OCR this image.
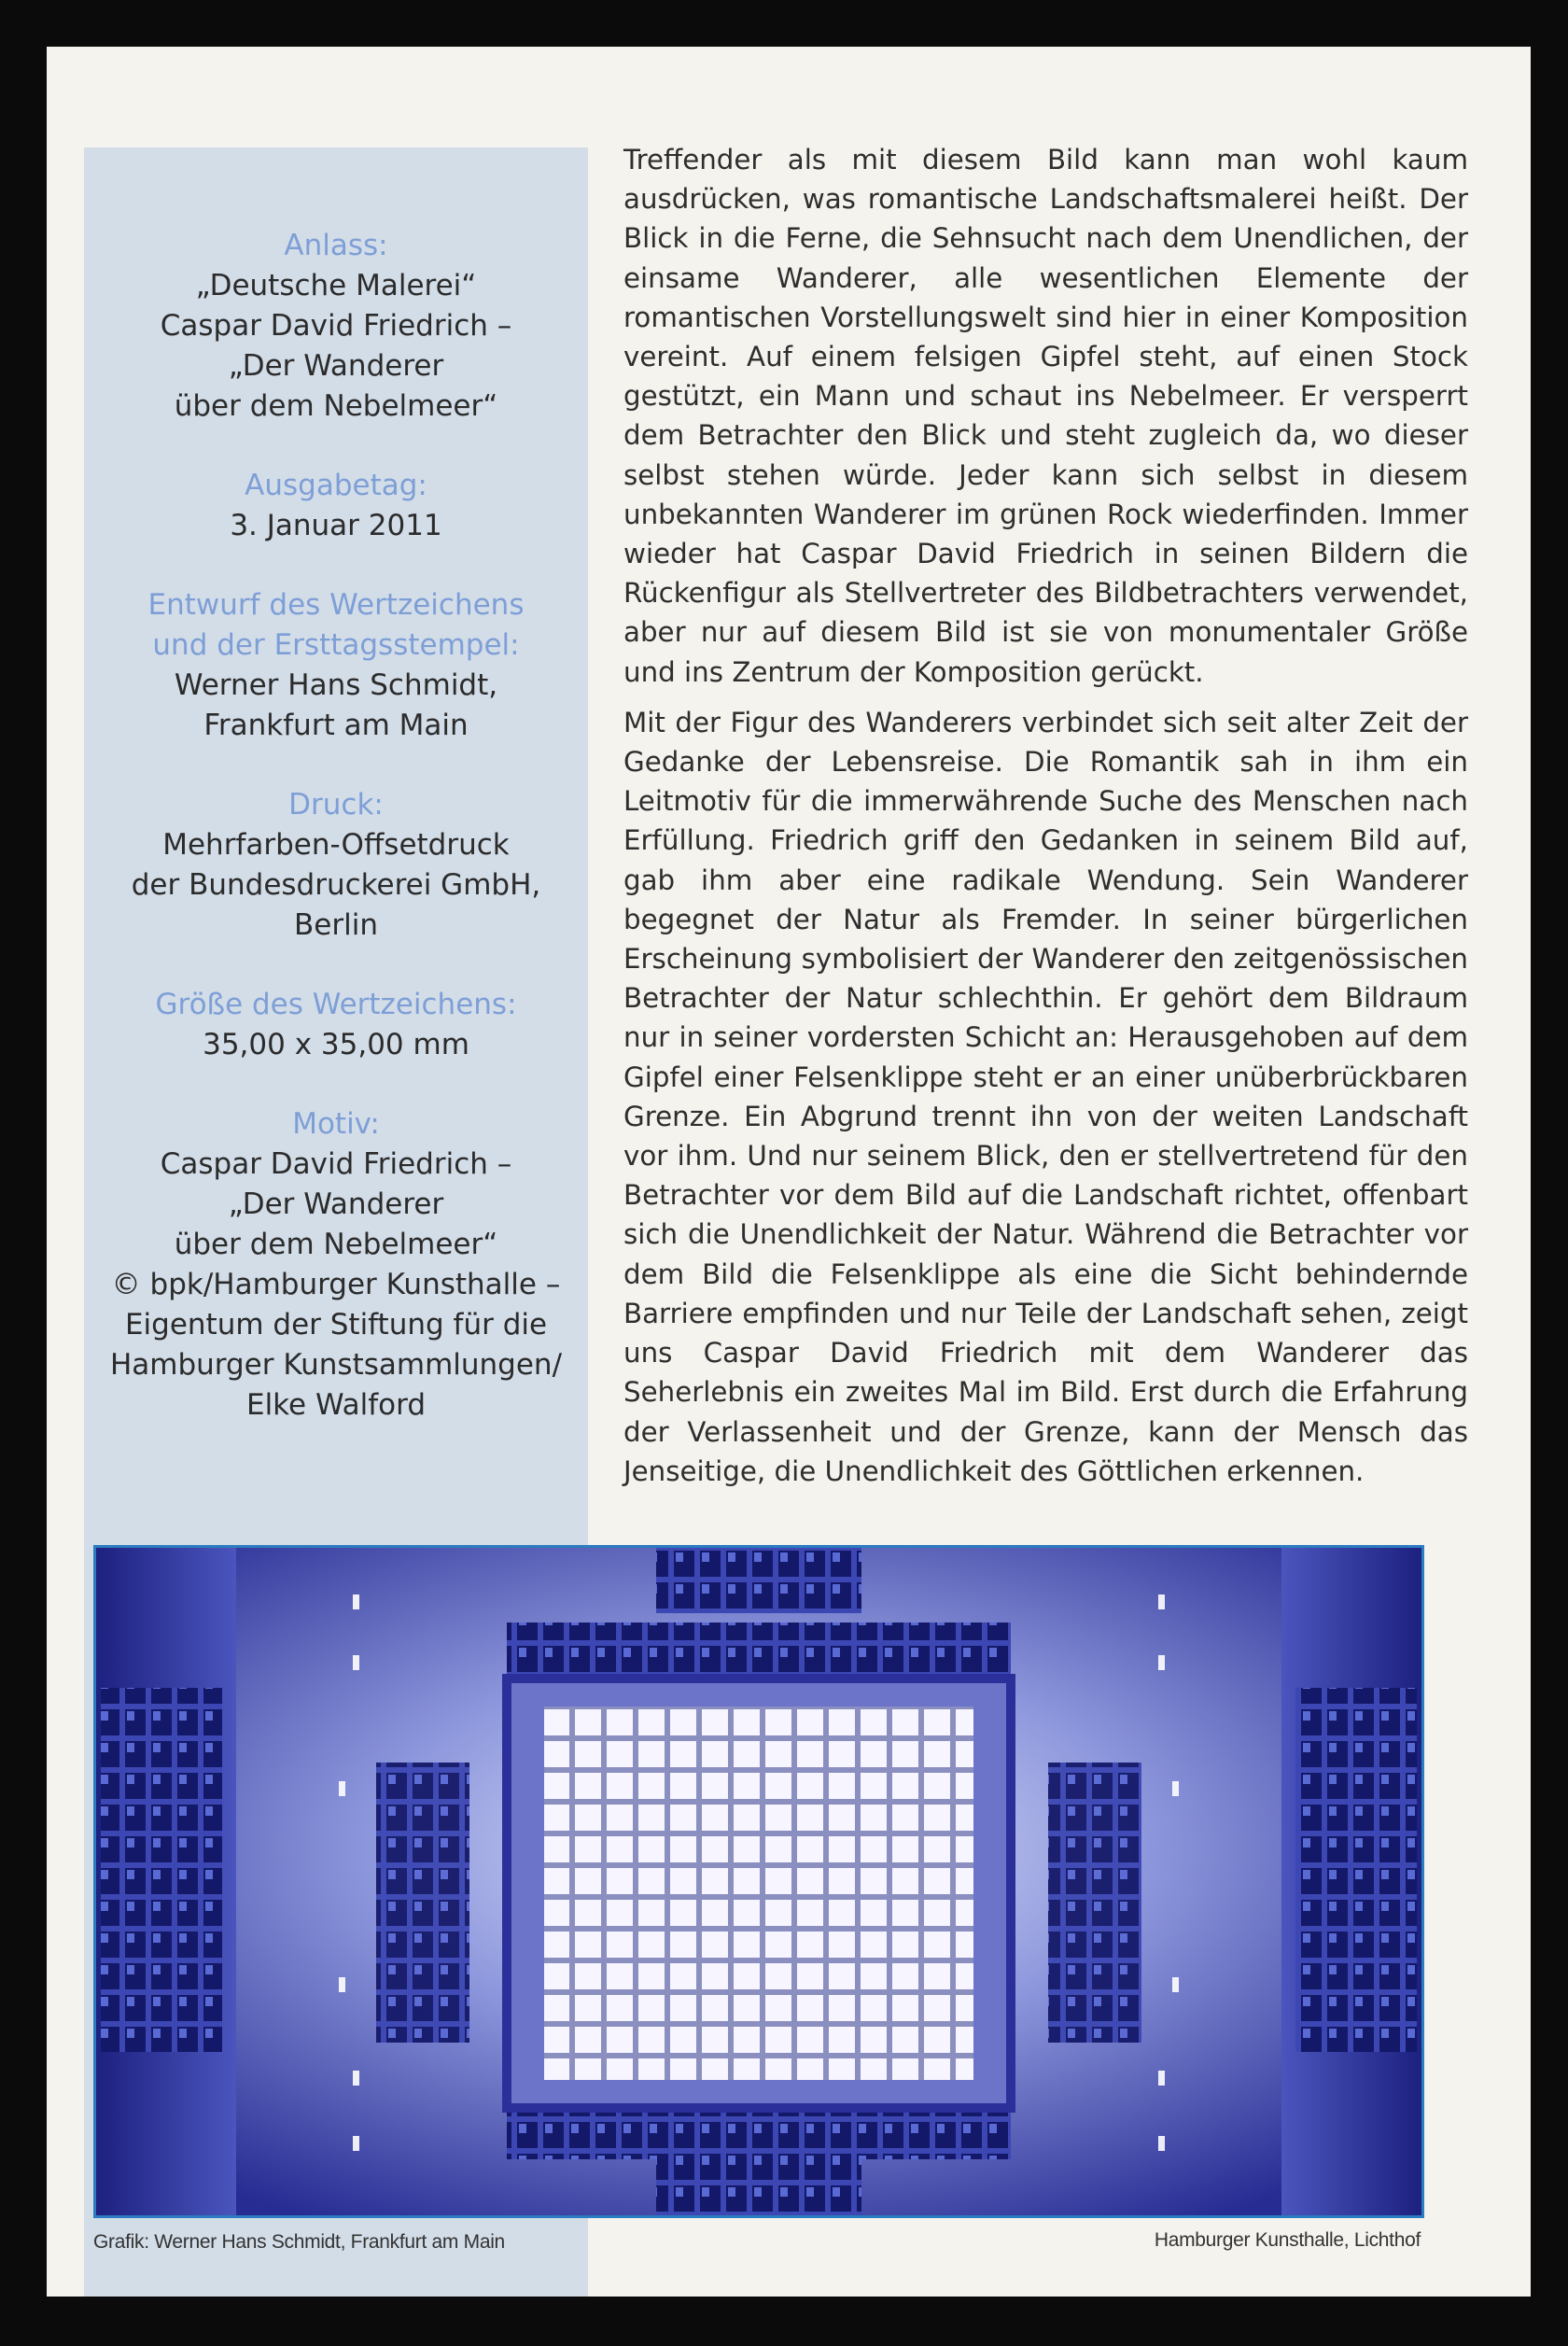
Anlass:
„Deutsche Malerei“
Caspar David Friedrich –
„Der Wanderer
über dem Nebelmeer“
Ausgabetag:
3. Januar 2011
Entwurf des Wertzeichens
und der Ersttagsstempel:
Werner Hans Schmidt,
Frankfurt am Main
Druck:
Mehrfarben-Offsetdruck
der Bundesdruckerei GmbH,
Berlin
Größe des Wertzeichens:
35,00 x 35,00 mm
Motiv:
Caspar David Friedrich –
„Der Wanderer
über dem Nebelmeer“
© bpk/Hamburger Kunsthalle –
Eigentum der Stiftung für die
Hamburger Kunstsammlungen/
Elke Walford

Treffender als mit diesem Bild kann man wohl kaum ausdrücken, was romantische Landschaftsmalerei heißt. Der Blick in die Ferne, die Sehnsucht nach dem Unendlichen, der einsame Wanderer, alle wesentlichen Elemente der romantischen Vorstellungswelt sind hier in einer Komposition vereint. Auf einem felsigen Gipfel steht, auf einen Stock gestützt, ein Mann und schaut ins Nebelmeer. Er versperrt dem Betrachter den Blick und steht zugleich da, wo dieser selbst stehen würde. Jeder kann sich selbst in diesem unbekannten Wanderer im grünen Rock wiederfinden. Immer wieder hat Caspar David Friedrich in seinen Bildern die Rückenfigur als Stellvertreter des Bildbetrachters verwendet, aber nur auf diesem Bild ist sie von monumentaler Größe und ins Zentrum der Komposition gerückt.

Mit der Figur des Wanderers verbindet sich seit alter Zeit der Gedanke der Lebensreise. Die Romantik sah in ihm ein Leitmotiv für die immerwährende Suche des Menschen nach Erfüllung. Friedrich griff den Gedanken in seinem Bild auf, gab ihm aber eine radikale Wendung. Sein Wanderer begegnet der Natur als Fremder. In seiner bürgerlichen Erscheinung symbolisiert der Wanderer den zeitgenössischen Betrachter der Natur schlechthin. Er gehört dem Bildraum nur in seiner vordersten Schicht an: Herausgehoben auf dem Gipfel einer Felsenklippe steht er an einer unüberbrückbaren Grenze. Ein Abgrund trennt ihn von der weiten Landschaft vor ihm. Und nur seinem Blick, den er stellvertretend für den Betrachter vor dem Bild auf die Landschaft richtet, offenbart sich die Unendlichkeit der Natur. Während die Betrachter vor dem Bild die Felsenklippe als eine die Sicht behindernde Barriere empfinden und nur Teile der Landschaft sehen, zeigt uns Caspar David Friedrich mit dem Wanderer das Seherlebnis ein zweites Mal im Bild. Erst durch die Erfahrung der Verlassenheit und der Grenze, kann der Mensch das Jenseitige, die Unendlichkeit des Göttlichen erkennen.

Grafik: Werner Hans Schmidt, Frankfurt am Main	Hamburger Kunsthalle, Lichthof
